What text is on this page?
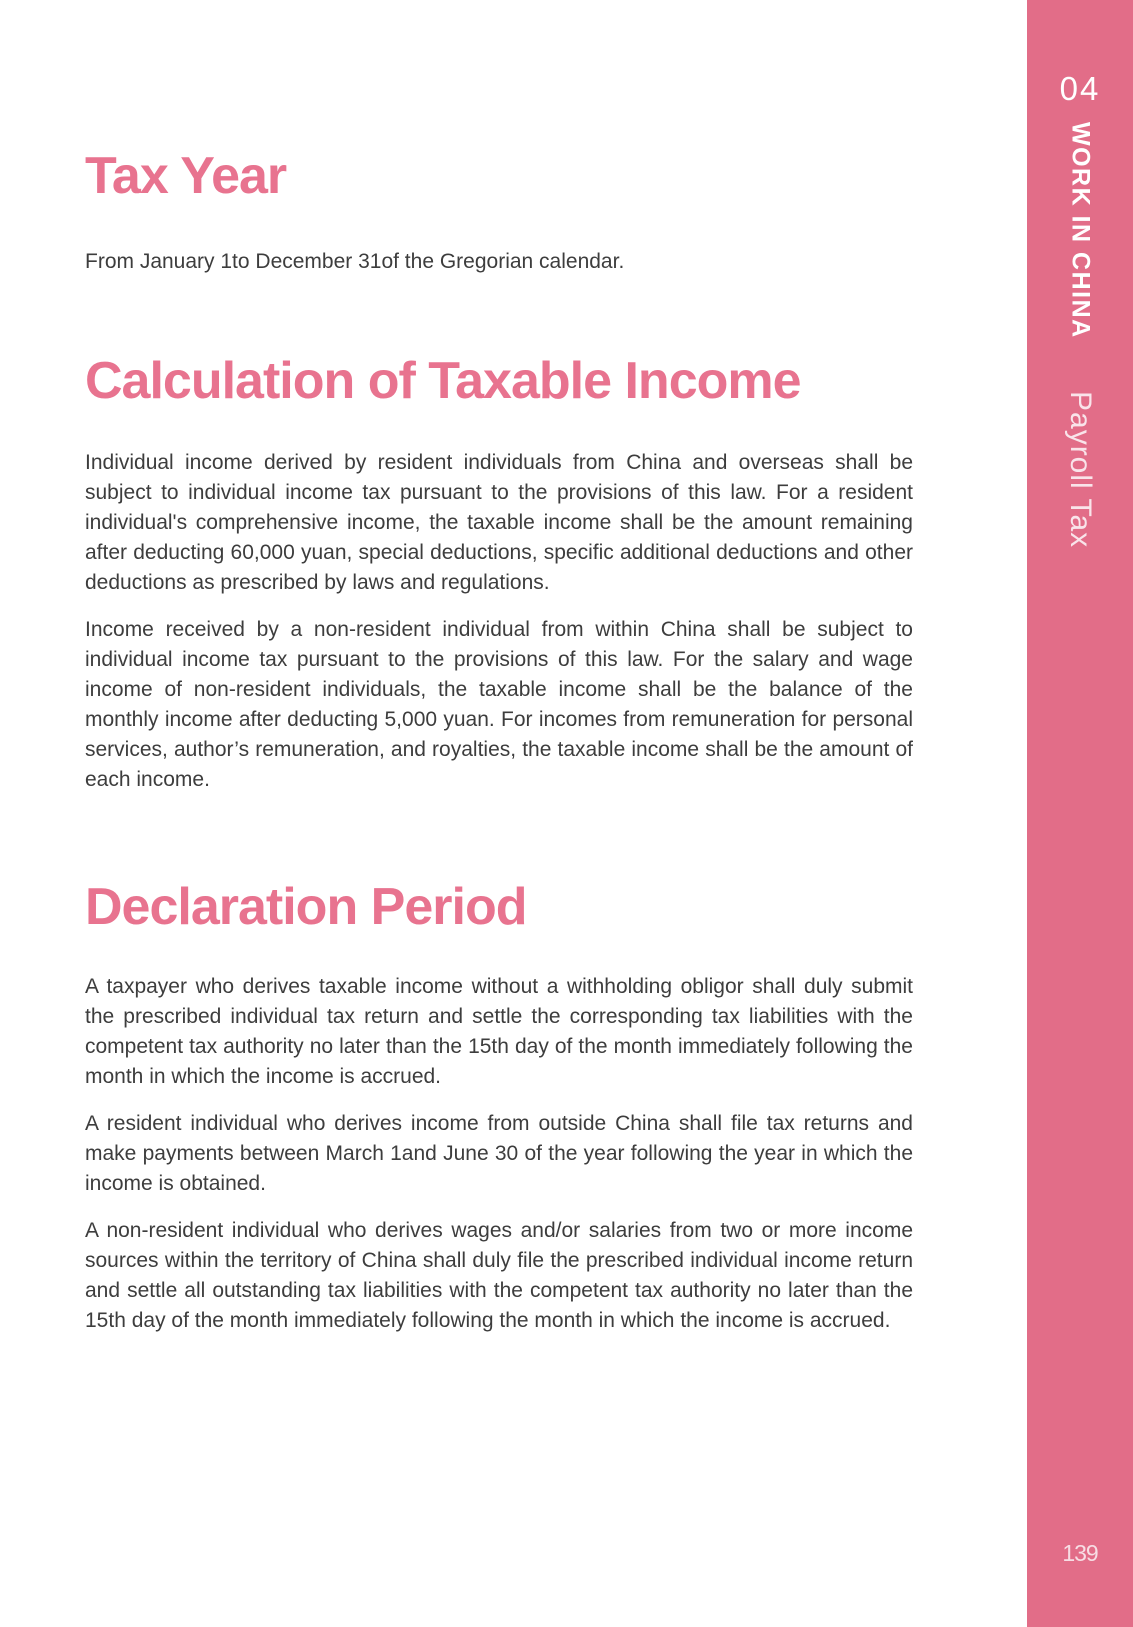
Tax Year

From January 1to December 31of the Gregorian calendar.

Calculation of Taxable Income

Individual income derived by resident individuals from China and overseas shall be subject to individual income tax pursuant to the provisions of this law. For a resident individual's comprehensive income, the taxable income shall be the amount remaining after deducting 60,000 yuan, special deductions, specific additional deductions and other deductions as prescribed by laws and regulations.

Income received by a non-resident individual from within China shall be subject to individual income tax pursuant to the provisions of this law. For the salary and wage income of non-resident individuals, the taxable income shall be the balance of the monthly income after deducting 5,000 yuan. For incomes from remuneration for personal services, author’s remuneration, and royalties, the taxable income shall be the amount of each income.

Declaration Period

A taxpayer who derives taxable income without a withholding obligor shall duly submit the prescribed individual tax return and settle the corresponding tax liabilities with the competent tax authority no later than the 15th day of the month immediately following the month in which the income is accrued.

A resident individual who derives income from outside China shall file tax returns and make payments between March 1and June 30 of the year following the year in which the income is obtained.

A non-resident individual who derives wages and/or salaries from two or more income sources within the territory of China shall duly file the prescribed individual income return and settle all outstanding tax liabilities with the competent tax authority no later than the 15th day of the month immediately following the month in which the income is accrued.

04
WORK IN CHINA
Payroll Tax
139
